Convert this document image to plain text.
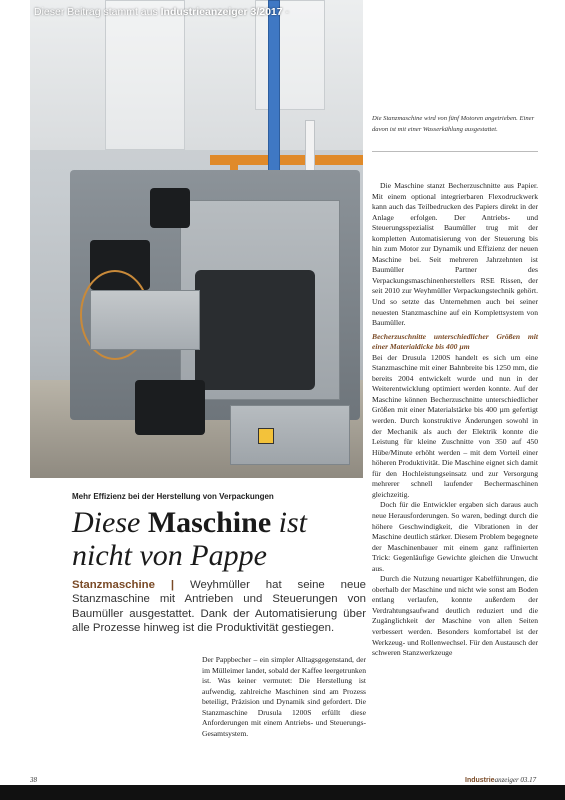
Dieser Beitrag stammt aus Industrieanzeiger 3/2017 -
Die Stanzmaschine wird von fünf Motoren angetrieben. Einer davon ist mit einer Wasserkühlung ausgestattet.

Die Maschine stanzt Becherzuschnitte aus Papier. Mit einem optional integrierbaren Flexodruckwerk kann auch das Teilbedrucken des Papiers direkt in der Anlage erfolgen. Der Antriebs- und Steuerungsspezialist Baumüller trug mit der kompletten Automatisierung von der Steuerung bis hin zum Motor zur Dynamik und Effizienz der neuen Maschine bei. Seit mehreren Jahrzehnten ist Baumüller Partner des Verpackungsmaschinenherstellers RSE Rissen, der seit 2010 zur Weyhmüller Verpackungstechnik gehört. Und so setzte das Unternehmen auch bei seiner neuesten Stanzmaschine auf ein Komplettsystem von Baumüller.

Becherzuschnitte unterschiedlicher Größen mit einer Materialdicke bis 400 µm

Bei der Drusula 1200S handelt es sich um eine Stanzmaschine mit einer Bahnbreite bis 1250 mm, die bereits 2004 entwickelt wurde und nun in der Weiterentwicklung optimiert werden konnte. Auf der Maschine können Becherzuschnitte unterschiedlicher Größen mit einer Materialstärke bis 400 µm gefertigt werden. Durch konstruktive Änderungen sowohl in der Mechanik als auch der Elektrik konnte die Leistung für kleine Zuschnitte von 350 auf 450 Hübe/Minute erhöht werden – mit dem Vorteil einer höheren Produktivität. Die Maschine eignet sich damit für den Hochleistungseinsatz und zur Versorgung mehrerer schnell laufender Bechermaschinen gleichzeitig.

Doch für die Entwickler ergaben sich daraus auch neue Herausforderungen. So waren, bedingt durch die höhere Geschwindigkeit, die Vibrationen in der Maschine deutlich stärker. Diesem Problem begegnete der Maschinenbauer mit einem ganz raffinierten Trick: Gegenläufige Gewichte gleichen die Unwucht aus.

Durch die Nutzung neuartiger Kabelführungen, die oberhalb der Maschine und nicht wie sonst am Boden entlang verlaufen, konnte außerdem der Verdrahtungsaufwand deutlich reduziert und die Zugänglichkeit der Maschine von allen Seiten verbessert werden. Besonders komfortabel ist der Werkzeug- und Rollenwechsel. Für den Austausch der schweren Stanzwerkzeuge

Mehr Effizienz bei der Herstellung von Verpackungen
Diese Maschine ist
nicht von Pappe
Stanzmaschine | Weyhmüller hat seine neue Stanzmaschine mit Antrieben und Steuerungen von Baumüller ausgestattet. Dank der Automatisierung über alle Prozesse hinweg ist die Produktivität gestiegen.
Der Pappbecher – ein simpler Alltagsgegenstand, der im Mülleimer landet, sobald der Kaffee leergetrunken ist. Was keiner vermutet: Die Herstellung ist aufwendig, zahlreiche Maschinen sind am Prozess beteiligt, Präzision und Dynamik sind gefordert. Die Stanzmaschine Drusula 1200S erfüllt diese Anforderungen mit einem Antriebs- und Steuerungs-Gesamtsystem.
38	Industrieanzeiger 03.17
